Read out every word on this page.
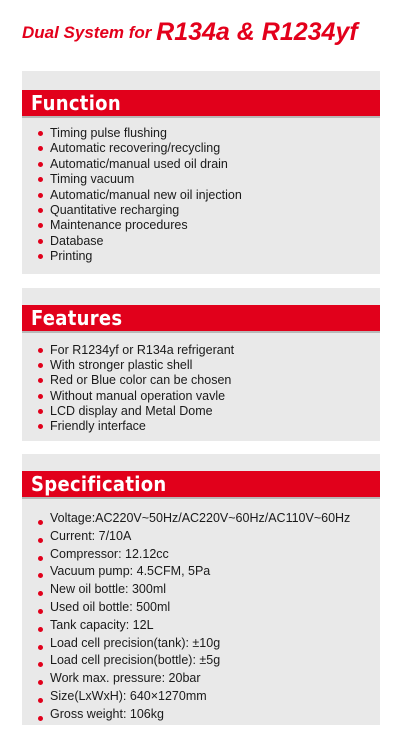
Dual System for R134a & R1234yf
Function
Timing pulse flushing
Automatic recovering/recycling
Automatic/manual used oil drain
Timing vacuum
Automatic/manual new oil injection
Quantitative recharging
Maintenance procedures
Database
Printing
Features
For R1234yf or R134a refrigerant
With stronger plastic shell
Red or Blue color can be chosen
Without manual operation vavle
LCD display and Metal Dome
Friendly interface
Specification
Voltage:AC220V~50Hz/AC220V~60Hz/AC110V~60Hz
Current: 7/10A
Compressor: 12.12cc
Vacuum pump: 4.5CFM, 5Pa
New oil bottle: 300ml
Used oil bottle: 500ml
Tank capacity: 12L
Load cell precision(tank): ±10g
Load cell precision(bottle): ±5g
Work max. pressure: 20bar
Size(LxWxH): 640×1270mm
Gross weight: 106kg
